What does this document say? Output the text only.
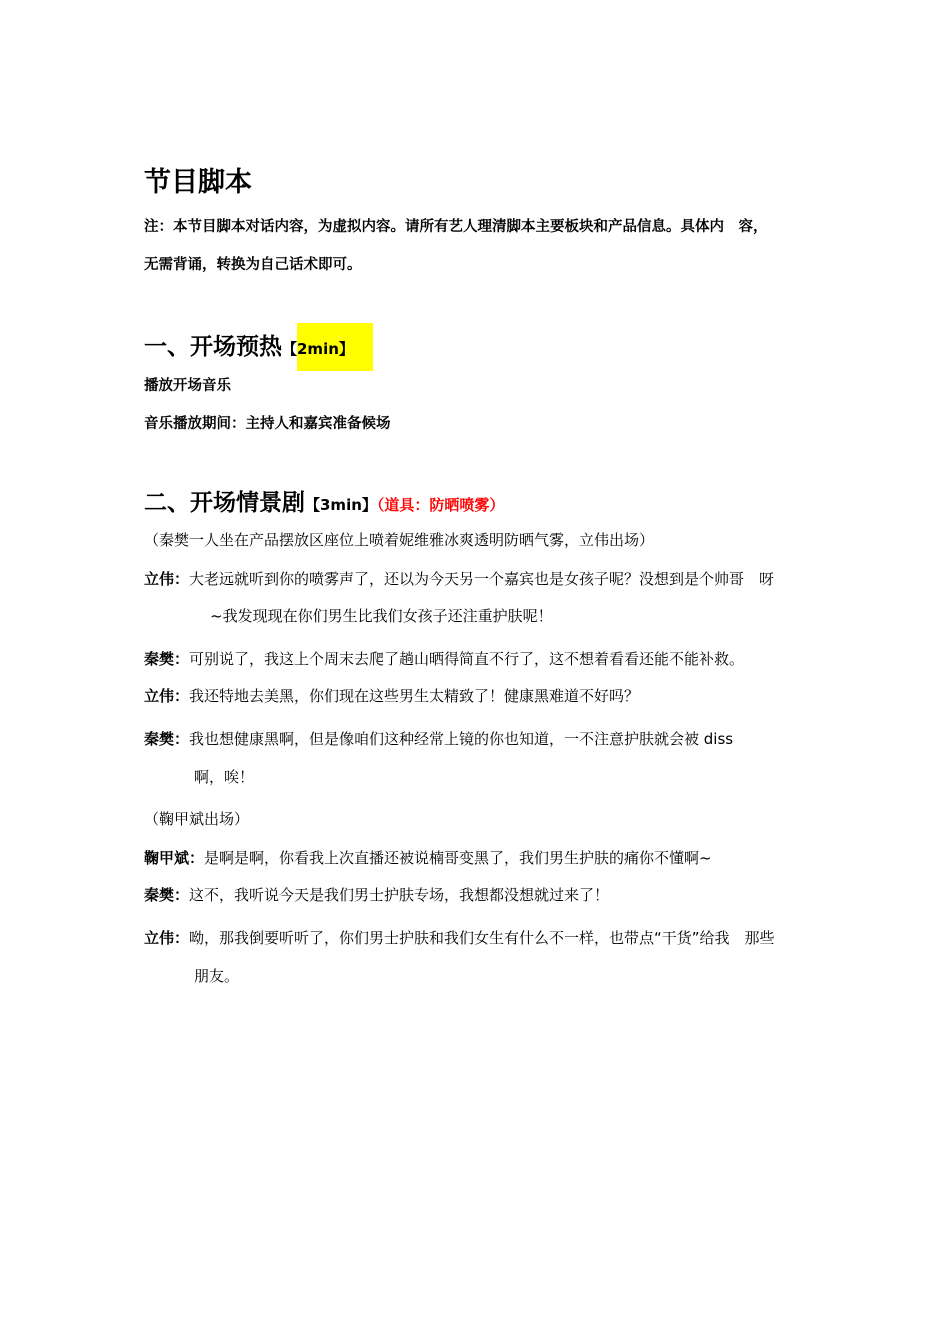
节目脚本
注：本节目脚本对话内容，为虚拟内容。请所有艺人理清脚本主要板块和产品信息。具体内　容，
无需背诵，转换为自己话术即可。
一、开场预热【2min】
播放开场音乐
音乐播放期间：主持人和嘉宾准备候场
二、开场情景剧【3min】（道具：防晒喷雾）
（秦樊一人坐在产品摆放区座位上喷着妮维雅冰爽透明防晒气雾，立伟出场）
立伟：大老远就听到你的喷雾声了，还以为今天另一个嘉宾也是女孩子呢？没想到是个帅哥　呀
~我发现现在你们男生比我们女孩子还注重护肤呢！
秦樊：可别说了，我这上个周末去爬了趟山晒得简直不行了，这不想着看看还能不能补救。
立伟：我还特地去美黑，你们现在这些男生太精致了！健康黑难道不好吗？
秦樊：我也想健康黑啊，但是像咱们这种经常上镜的你也知道，一不注意护肤就会被 diss
啊，唉！
（鞠甲斌出场）
鞠甲斌：是啊是啊，你看我上次直播还被说楠哥变黑了，我们男生护肤的痛你不懂啊~
秦樊：这不，我听说今天是我们男士护肤专场，我想都没想就过来了！
立伟：呦，那我倒要听听了，你们男士护肤和我们女生有什么不一样，也带点“干货”给我　那些
朋友。
